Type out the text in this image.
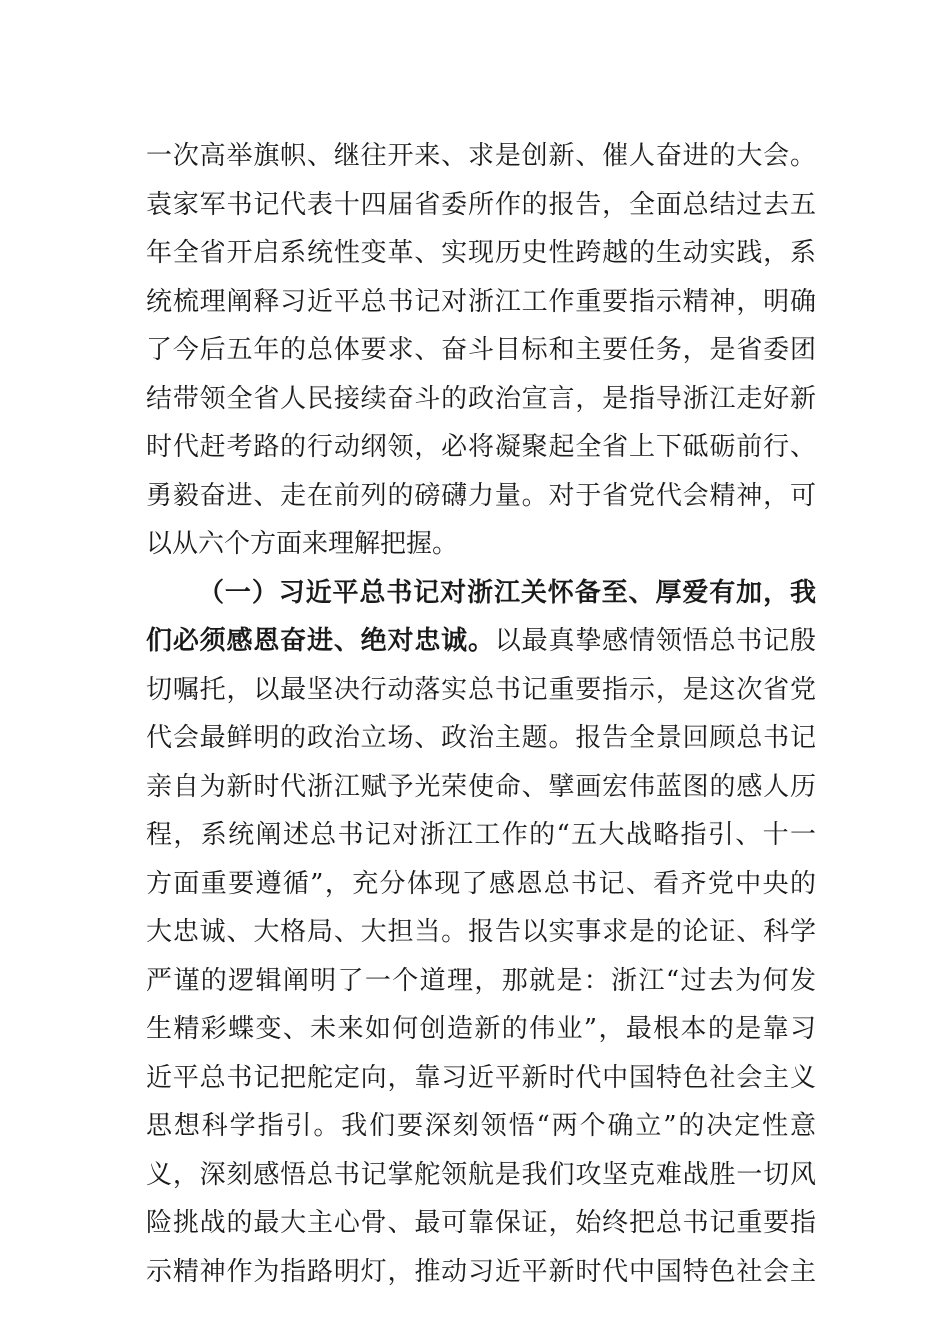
一次高举旗帜、继往开来、求是创新、催人奋进的大会。
袁家军书记代表十四届省委所作的报告，全面总结过去五
年全省开启系统性变革、实现历史性跨越的生动实践，系
统梳理阐释习近平总书记对浙江工作重要指示精神，明确
了今后五年的总体要求、奋斗目标和主要任务，是省委团
结带领全省人民接续奋斗的政治宣言，是指导浙江走好新
时代赶考路的行动纲领，必将凝聚起全省上下砥砺前行、
勇毅奋进、走在前列的磅礴力量。对于省党代会精神，可
以从六个方面来理解把握。
（一）习近平总书记对浙江关怀备至、厚爱有加，我
们必须感恩奋进、绝对忠诚。以最真挚感情领悟总书记殷
切嘱托，以最坚决行动落实总书记重要指示，是这次省党
代会最鲜明的政治立场、政治主题。报告全景回顾总书记
亲自为新时代浙江赋予光荣使命、擘画宏伟蓝图的感人历
程，系统阐述总书记对浙江工作的“五大战略指引、十一
方面重要遵循”，充分体现了感恩总书记、看齐党中央的
大忠诚、大格局、大担当。报告以实事求是的论证、科学
严谨的逻辑阐明了一个道理，那就是：浙江“过去为何发
生精彩蝶变、未来如何创造新的伟业”，最根本的是靠习
近平总书记把舵定向，靠习近平新时代中国特色社会主义
思想科学指引。我们要深刻领悟“两个确立”的决定性意
义，深刻感悟总书记掌舵领航是我们攻坚克难战胜一切风
险挑战的最大主心骨、最可靠保证，始终把总书记重要指
示精神作为指路明灯，推动习近平新时代中国特色社会主
